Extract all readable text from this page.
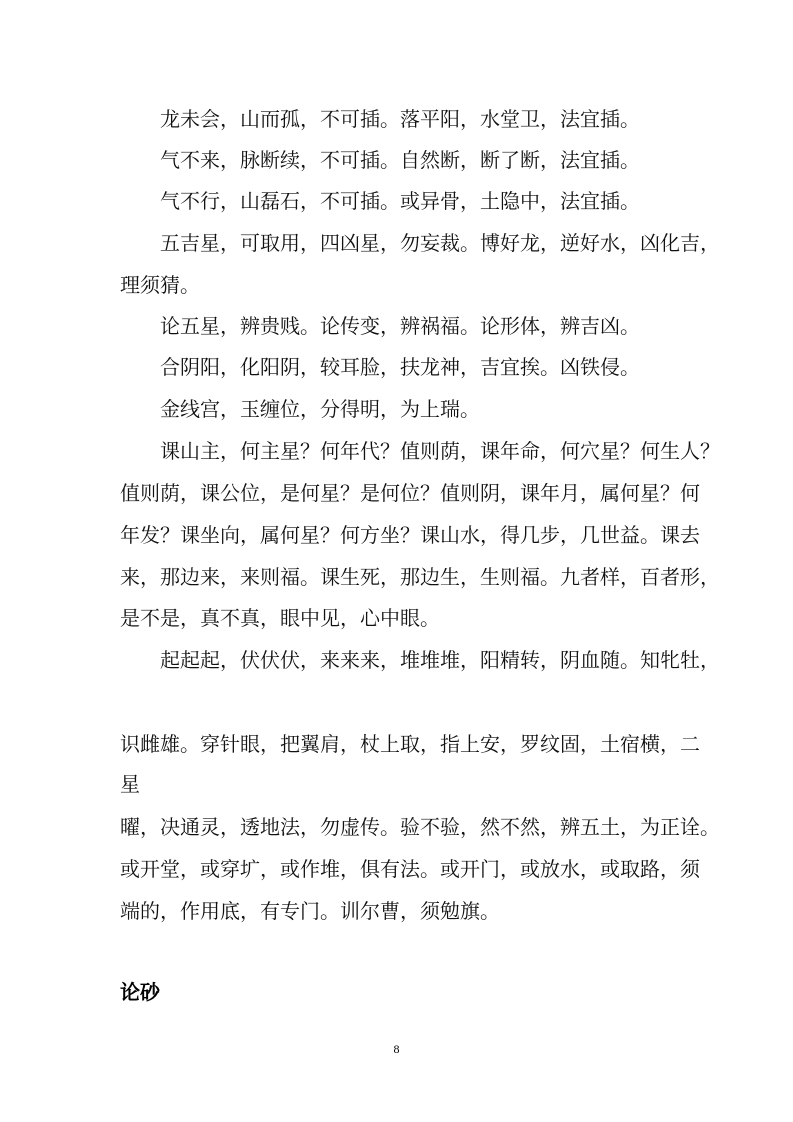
龙未会，山而孤，不可插。落平阳，水堂卫，法宜插。
气不来，脉断续，不可插。自然断，断了断，法宜插。
气不行，山磊石，不可插。或异骨，土隐中，法宜插。
五吉星，可取用，四凶星，勿妄裁。博好龙，逆好水，凶化吉，
理须猜。
论五星，辨贵贱。论传变，辨祸福。论形体，辨吉凶。
合阴阳，化阳阴，较耳脸，扶龙神，吉宜挨。凶铁侵。
金线宫，玉缠位，分得明，为上瑞。
课山主，何主星？何年代？值则荫，课年命，何穴星？何生人？
值则荫，课公位，是何星？是何位？值则阴，课年月，属何星？何
年发？课坐向，属何星？何方坐？课山水，得几步，几世益。课去
来，那边来，来则福。课生死，那边生，生则福。九者样，百者形，
是不是，真不真，眼中见，心中眼。
起起起，伏伏伏，来来来，堆堆堆，阳精转，阴血随。知牝牡，
识雌雄。穿针眼，把翼肩，杖上取，指上安，罗纹固，土宿横，二
星
曜，决通灵，透地法，勿虚传。验不验，然不然，辨五土，为正诠。
或开堂，或穿圹，或作堆，俱有法。或开门，或放水，或取路，须
端的，作用底，有专门。训尔曹，须勉旗。
论砂
8
